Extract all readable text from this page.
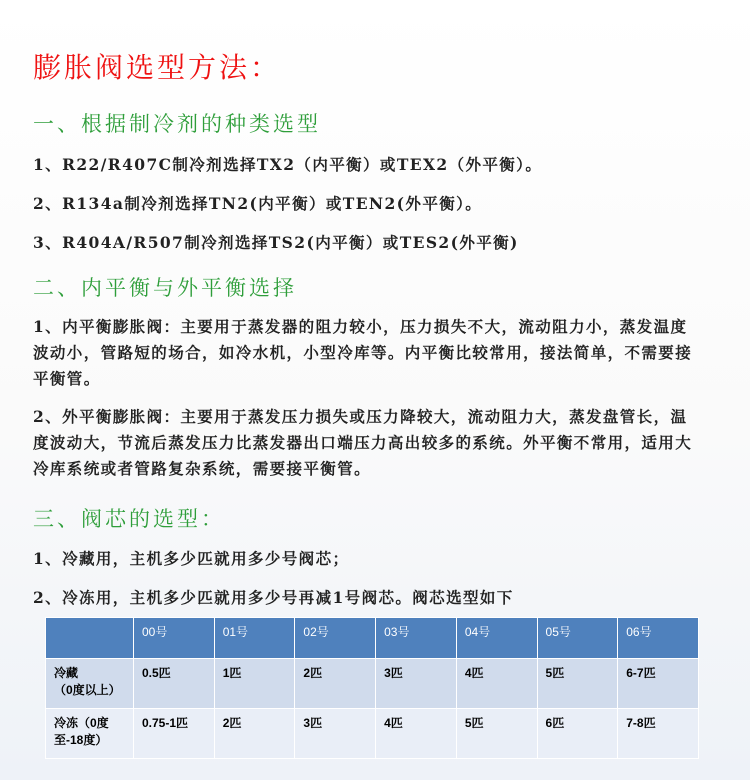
膨胀阀选型方法：
一、根据制冷剂的种类选型
1、R22/R407C制冷剂选择TX2（内平衡）或TEX2（外平衡）。
2、R134a制冷剂选择TN2(内平衡）或TEN2(外平衡）。
3、R404A/R507制冷剂选择TS2(内平衡）或TES2(外平衡)
二、内平衡与外平衡选择
1、内平衡膨胀阀：主要用于蒸发器的阻力较小，压力损失不大，流动阻力小，蒸发温度波动小，管路短的场合，如冷水机，小型冷库等。内平衡比较常用，接法简单，不需要接平衡管。
2、外平衡膨胀阀：主要用于蒸发压力损失或压力降较大，流动阻力大，蒸发盘管长，温度波动大，节流后蒸发压力比蒸发器出口端压力高出较多的系统。外平衡不常用，适用大冷库系统或者管路复杂系统，需要接平衡管。
三、阀芯的选型：
1、冷藏用，主机多少匹就用多少号阀芯；
2、冷冻用，主机多少匹就用多少号再减1号阀芯。阀芯选型如下
	00号	01号	02号	03号	04号	05号	06号
冷藏
（0度以上）	0.5匹	1匹	2匹	3匹	4匹	5匹	6-7匹
冷冻（0度至-18度）	0.75-1匹	2匹	3匹	4匹	5匹	6匹	7-8匹
